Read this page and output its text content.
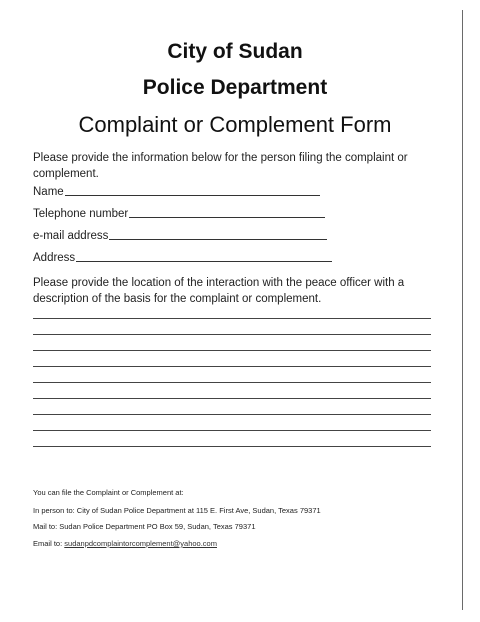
City of Sudan
Police Department
Complaint or Complement Form
Please provide the information below for the person filing the complaint or complement.
Name
Telephone number
e-mail address
Address
Please provide the location of the interaction with the peace officer with a description of the basis for the complaint or complement.
You can file the Complaint or Complement at:
In person to: City of Sudan Police Department at 115 E. First Ave, Sudan, Texas 79371
Mail to: Sudan Police Department PO Box 59, Sudan, Texas 79371
Email to: sudanpdcomplaintorcomplement@yahoo.com
